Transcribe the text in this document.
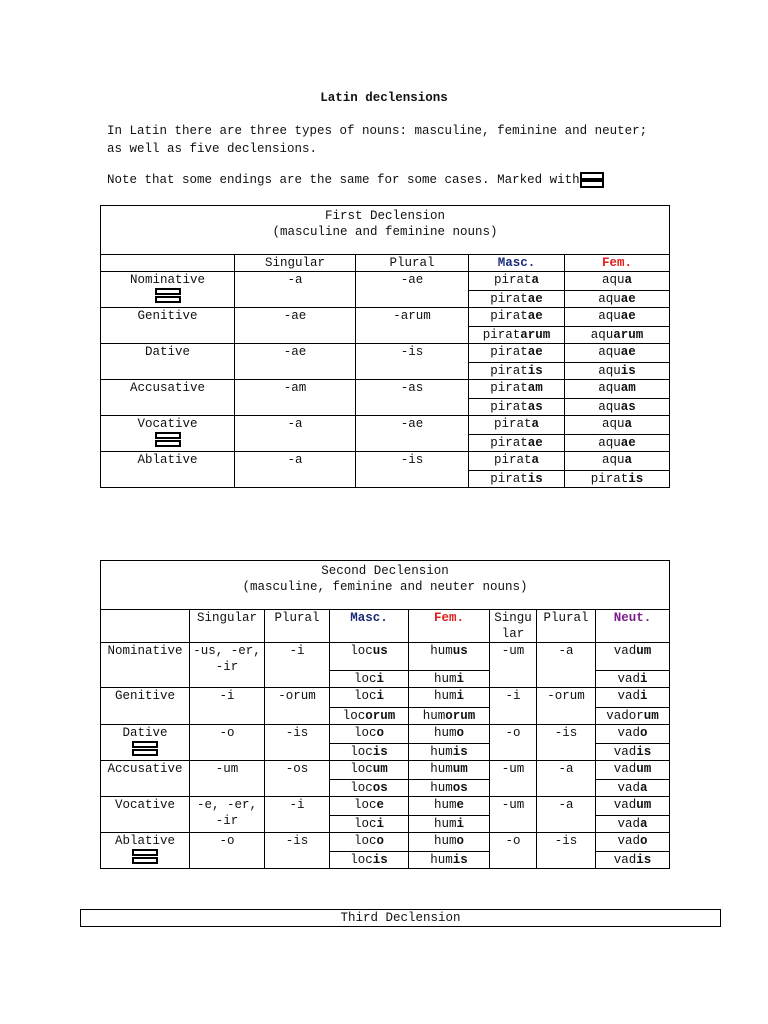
Latin declensions

In Latin there are three types of nouns: masculine, feminine and neuter; as well as five declensions.

Note that some endings are the same for some cases. Marked with

First Declension
(masculine and feminine nouns)				

	Singular	Plural	Masc.	Fem.

Nominative	-a	-ae	pirata	aqua
			piratae	aquae

Genitive	-ae	-arum	piratae	aquae
			piratarum	aquarum

Dative	-ae	-is	piratae	aquae
			piratis	aquis

Accusative	-am	-as	piratam	aquam
			piratas	aquas

Vocative	-a	-ae	pirata	aqua
			piratae	aquae

Ablative	-a	-is	pirata	aqua
			piratis	piratis
Second Declension
(masculine, feminine and neuter nouns)							

	Singular	Plural	Masc.	Fem.	Singular	Plural	Neut.

Nominative	-us, -er, -ir	-i	locus	humus	-um	-a	vadum
			loci	humi			vadi

Genitive	-i	-orum	loci	humi	-i	-orum	vadi
			locorum	humorum			vadorum

Dative	-o	-is	loco	humo	-o	-is	vado
			locis	humis			vadis

Accusative	-um	-os	locum	humum	-um	-a	vadum
			locos	humos			vada

Vocative	-e, -er, -ir	-i	loce	hume	-um	-a	vadum
			loci	humi			vada

Ablative	-o	-is	loco	humo	-o	-is	vado
			locis	humis			vadis
Third Declension
